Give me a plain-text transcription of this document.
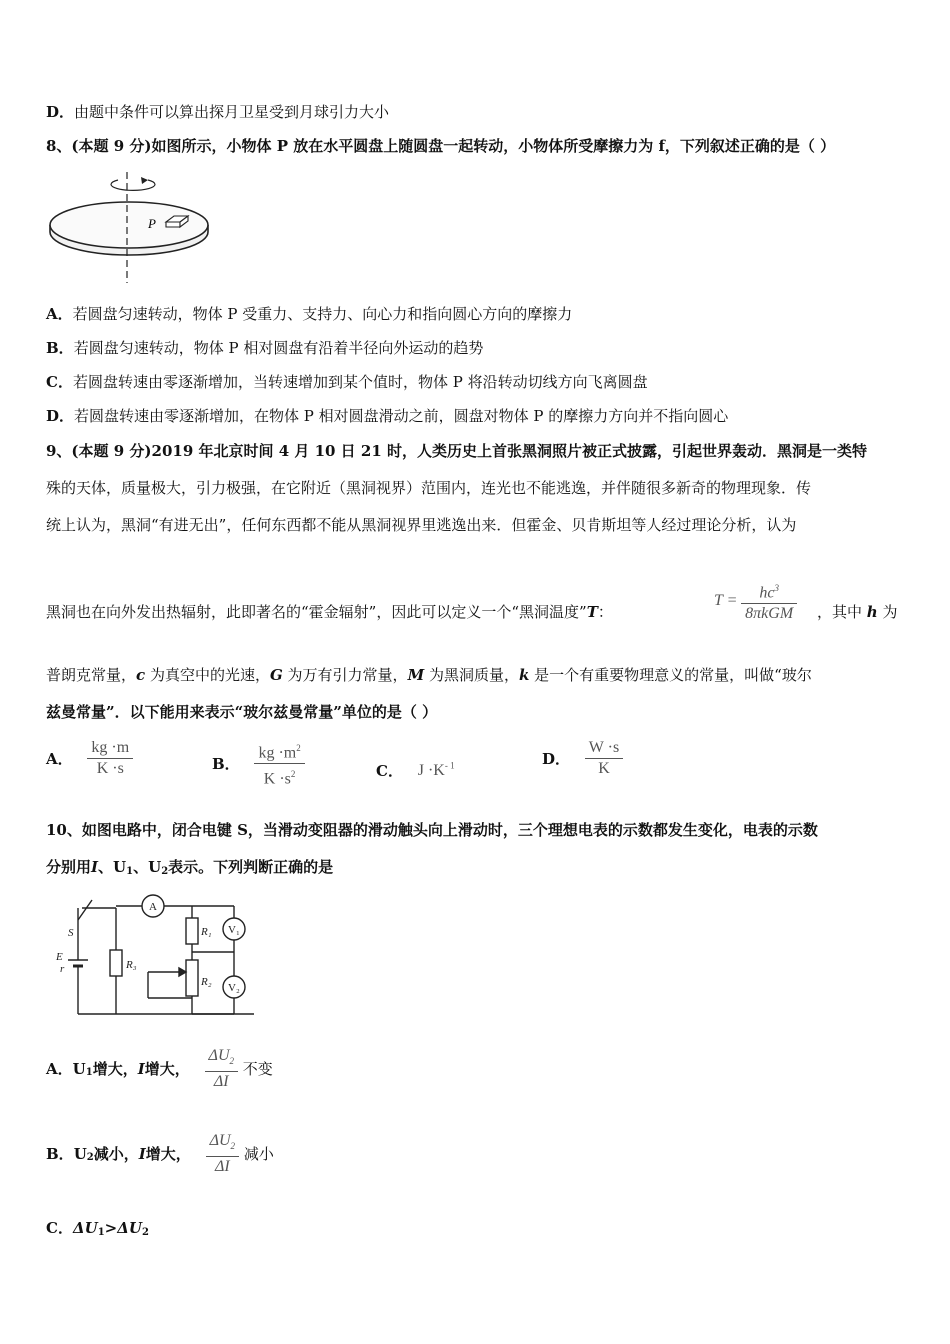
D．由题中条件可以算出探月卫星受到月球引力大小
8、(本题 9 分)如图所示，小物体 P 放在水平圆盘上随圆盘一起转动，小物体所受摩擦力为 f，下列叙述正确的是（ ）
P
A．若圆盘匀速转动，物体 P 受重力、支持力、向心力和指向圆心方向的摩擦力
B．若圆盘匀速转动，物体 P 相对圆盘有沿着半径向外运动的趋势
C．若圆盘转速由零逐渐增加，当转速增加到某个值时，物体 P 将沿转动切线方向飞离圆盘
D．若圆盘转速由零逐渐增加，在物体 P 相对圆盘滑动之前，圆盘对物体 P 的摩擦力方向并不指向圆心
9、(本题 9 分)2019 年北京时间 4 月 10 日 21 时，人类历史上首张黑洞照片被正式披露，引起世界轰动．黑洞是一类特
殊的天体，质量极大，引力极强，在它附近（黑洞视界）范围内，连光也不能逃逸，并伴随很多新奇的物理现象．传
统上认为，黑洞“有进无出”，任何东西都不能从黑洞视界里逃逸出来．但霍金、贝肯斯坦等人经过理论分析，认为
黑洞也在向外发出热辐射，此即著名的“霍金辐射”，因此可以定义一个“黑洞温度”T：
$T = \frac{hc^3}{\text{8πkGM}}$ ，其中 h 为
普朗克常量，c 为真空中的光速，G 为万有引力常量，M 为黑洞质量，k 是一个有重要物理意义的常量，叫做“玻尔
兹曼常量”．以下能用来表示“玻尔兹曼常量”单位的是（ ）
A． $\frac{kg \cdot m}{K \cdot s}$	B． $\frac{kg \cdot m^2}{K \cdot s^2}$	C． $J \cdot K^{- 1}$	D． $\frac{W \cdot s}{K}$
10、如图电路中，闭合电键 S，当滑动变阻器的滑动触头向上滑动时，三个理想电表的示数都发生变化，电表的示数
分别用I、$U_1$、$U_2$表示。下列判断正确的是
S
E
r	R₃
R₁
R₂
A
V₁
V₂
A．$U_1$增大，I增大， $\frac{\Delta U_2}{\Delta I}$ 不变
B．$U_2$减小，I增大， $\frac{\Delta U_2}{\Delta I}$ 减小
C．$\Delta U_1>\Delta U_2$
